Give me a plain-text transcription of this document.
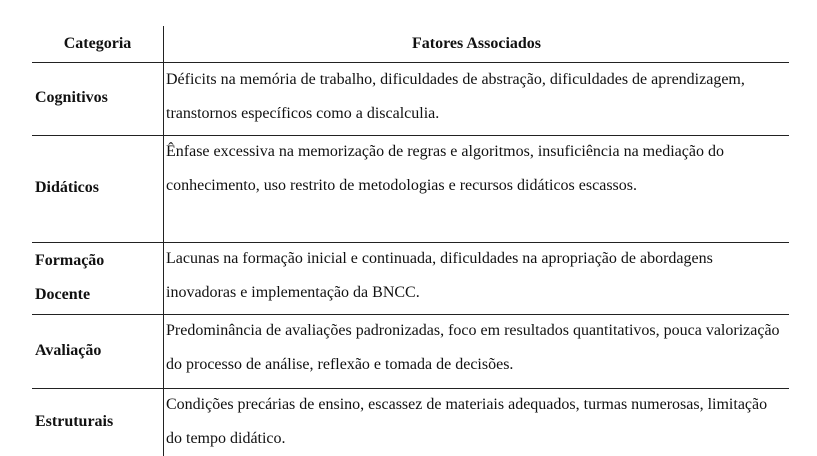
Categoria	Fatores Associados
Cognitivos
Déficits na memória de trabalho, dificuldades de abstração, dificuldades de aprendizagem, transtornos específicos como a discalculia.
Didáticos
Ênfase excessiva na memorização de regras e algoritmos, insuficiência na mediação do conhecimento, uso restrito de metodologias e recursos didáticos escassos.
Formação Docente
Lacunas na formação inicial e continuada, dificuldades na apropriação de abordagens inovadoras e implementação da BNCC.
Avaliação
Predominância de avaliações padronizadas, foco em resultados quantitativos, pouca valorização do processo de análise, reflexão e tomada de decisões.
Estruturais
Condições precárias de ensino, escassez de materiais adequados, turmas numerosas, limitação do tempo didático.
